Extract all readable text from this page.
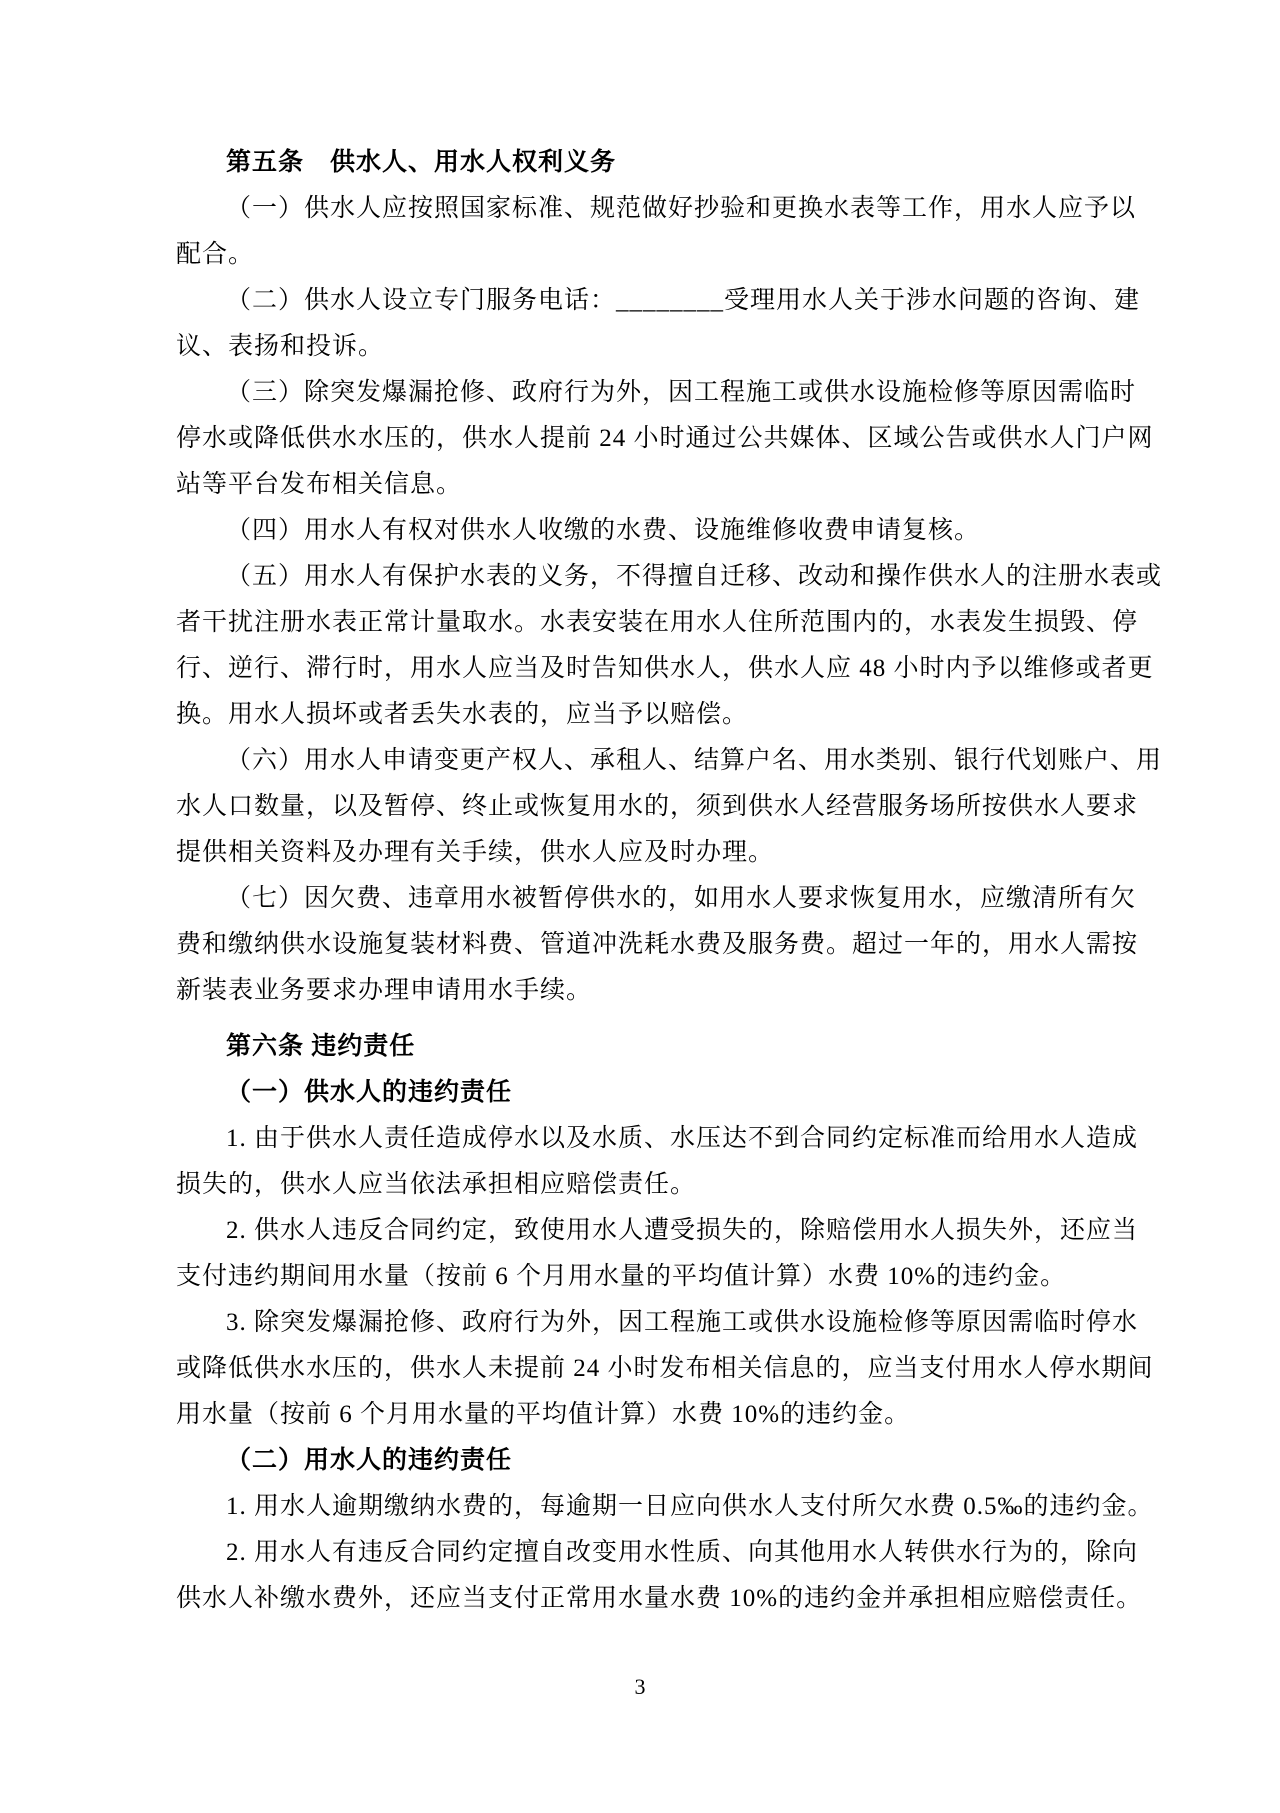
第五条　供水人、用水人权利义务
（一）供水人应按照国家标准、规范做好抄验和更换水表等工作，用水人应予以
配合。
（二）供水人设立专门服务电话：________受理用水人关于涉水问题的咨询、建
议、表扬和投诉。
（三）除突发爆漏抢修、政府行为外，因工程施工或供水设施检修等原因需临时
停水或降低供水水压的，供水人提前 24 小时通过公共媒体、区域公告或供水人门户网
站等平台发布相关信息。
（四）用水人有权对供水人收缴的水费、设施维修收费申请复核。
（五）用水人有保护水表的义务，不得擅自迁移、改动和操作供水人的注册水表或
者干扰注册水表正常计量取水。水表安装在用水人住所范围内的，水表发生损毁、停
行、逆行、滞行时，用水人应当及时告知供水人，供水人应 48 小时内予以维修或者更
换。用水人损坏或者丢失水表的，应当予以赔偿。
（六）用水人申请变更产权人、承租人、结算户名、用水类别、银行代划账户、用
水人口数量，以及暂停、终止或恢复用水的，须到供水人经营服务场所按供水人要求
提供相关资料及办理有关手续，供水人应及时办理。
（七）因欠费、违章用水被暂停供水的，如用水人要求恢复用水，应缴清所有欠
费和缴纳供水设施复装材料费、管道冲洗耗水费及服务费。超过一年的，用水人需按
新装表业务要求办理申请用水手续。
第六条 违约责任
（一）供水人的违约责任
1. 由于供水人责任造成停水以及水质、水压达不到合同约定标准而给用水人造成
损失的，供水人应当依法承担相应赔偿责任。
2. 供水人违反合同约定，致使用水人遭受损失的，除赔偿用水人损失外，还应当
支付违约期间用水量（按前 6 个月用水量的平均值计算）水费 10%的违约金。
3. 除突发爆漏抢修、政府行为外，因工程施工或供水设施检修等原因需临时停水
或降低供水水压的，供水人未提前 24 小时发布相关信息的，应当支付用水人停水期间
用水量（按前 6 个月用水量的平均值计算）水费 10%的违约金。
（二）用水人的违约责任
1. 用水人逾期缴纳水费的，每逾期一日应向供水人支付所欠水费 0.5‰的违约金。
2. 用水人有违反合同约定擅自改变用水性质、向其他用水人转供水行为的，除向
供水人补缴水费外，还应当支付正常用水量水费 10%的违约金并承担相应赔偿责任。
3
